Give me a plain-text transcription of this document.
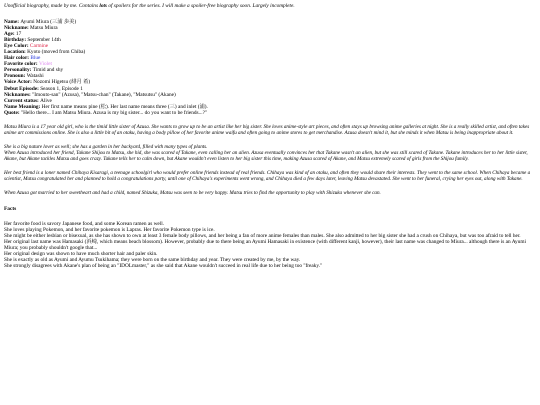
Unofficial biography, made by me. Contains lots of spoilers for the series. I will make a spoiler-free biography soon. Largely incomplete.

Name: Ayumi Miura (三浦 歩美)
Nickname: Matsu Miura
Age: 17
Birthday: September 14th
Eye Color: Carmine
Location: Kyoto (moved from Chiba)
Hair color: Blue
Favorite color: Violet
Personality: Timid and shy
Pronoun: Watashi
Voice Actor: Nozomi Higetsu (緋月 希)
Debut Episode: Season 1, Episode 1
Nicknames: "Imouto-san" (Azusa), "Matsu-chan" (Takane), "Matsutsu" (Akane)
Current status: Alive
Name Meaning: Her first name means pine (松). Her last name means three (三) and inlet (浦).
Quote: "Hello there... I am Matsu Miura. Azusa is my big sister... do you want to be friends...?"

Matsu Miura is a 17 year old girl, who is the timid little sister of Azusa. She wants to grow up to be an artist like her big sister. She loves anime-style art pieces, and often stays up browsing anime galleries at night. She is a really skilled artist, and often takes anime art commissions online. She is also a little bit of an otaku, having a body pillow of her favorite anime waifu and often going to anime stores to get merchandise. Azusa doesn't mind it, but she minds it when Matsu is being inappropriate about it.

She is a big nature lover as well; she has a garden in her backyard, filled with many types of plants.
When Azusa introduced her friend, Takane Shijou to Matsu, she hid, she was scared of Takane, even calling her an alien. Azusa eventually convinces her that Takane wasn't an alien, but she was still scared of Takane. Takane introduces her to her little sister, Akane, but Akane tackles Matsu and goes crazy. Takane tells her to calm down, but Akane wouldn't even listen to her big sister this time, making Azusa scared of Akane, and Matsu extremely scared of girls from the Shijou family.

Her best friend is a loner named Chihaya Kisaragi, a teenage schoolgirl who would prefer online friends instead of real friends. Chihaya was kind of an otaku, and often they would share their interests. They went to the same school. When Chihaya became a scientist, Matsu congratulated her and planned to hold a congratulations party, until one of Chihaya's experiments went wrong, and Chihaya died a few days later, leaving Matsu devastated. She went to her funeral, crying her eyes out, along with Takane.

When Azusa got married to her sweetheart and had a child, named Shizuka, Matsu was seen to be very happy. Matsu tries to find the opportunity to play with Shizuka whenever she can.

Facts
Her favorite food is savory Japanese food, and some Korean ramen as well.
She loves playing Pokemon, and her favorite pokemon is Lapras. Her favorite Pokemon type is ice.
She might be either lesbian or bisexual, as she has shown to own at least 3 female body pillows, and her being a fan of more anime females than males. She also admitted to her big sister she had a crush on Chihaya, but was too afraid to tell her.
Her original last name was Hamasaki (浜崎, which means beach blossom). However, probably due to there being an Ayumi Hamasaki in existence (with different kanji, however), their last name was changed to Miura... although there is an Ayumi Miura; you probably shouldn't google that...
Her original design was shown to have much shorter hair and paler skin.
She is exactly as old as Ayumi and Ayumu Tsukihama; they were born on the same birthday and year. They were created by me, by the way.
She strongly disagrees with Akane's plan of being an "IDOLmaster," as she said that Akane wouldn't succeed in real life due to her being too "freaky."
